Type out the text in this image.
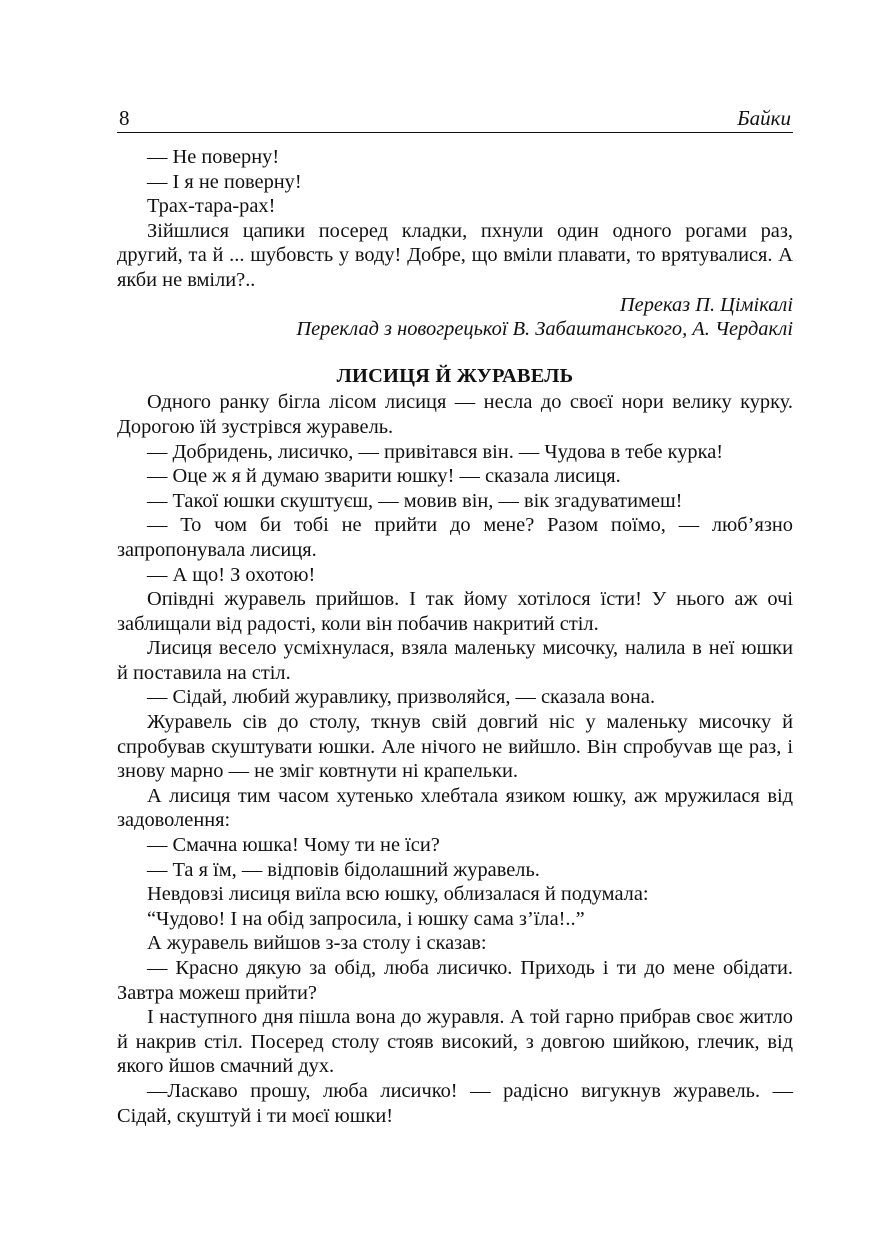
8	Байки

— Не поверну!

— І я не поверну!

Трах-тара-рах!

Зійшлися цапики посеред кладки, пхнули один одного рогами раз, другий, та й ... шубовсть у воду! Добре, що вміли плавати, то врятувалися. А якби не вміли?..

Переказ П. Цімікалі

Переклад з новогрецької В. Забаштанського, А. Чердаклі

ЛИСИЦЯ Й ЖУРАВЕЛЬ

Одного ранку бігла лісом лисиця — несла до своєї нори велику курку. Дорогою їй зустрівся журавель.

— Добридень, лисичко, — привітався він. — Чудова в тебе курка!

— Оце ж я й думаю зварити юшку! — сказала лисиця.

— Такої юшки скуштуєш, — мовив він, — вік згадуватимеш!

— То чом би тобі не прийти до мене? Разом поїмо, — люб’язно запропонувала лисиця.

— А що! З охотою!

Опівдні журавель прийшов. І так йому хотілося їсти! У нього аж очі заблищали від радості, коли він побачив накритий стіл.

Лисиця весело усміхнулася, взяла маленьку мисочку, налила в неї юшки й поставила на стіл.

— Сідай, любий журавлику, призволяйся, — сказала вона.

Журавель сів до столу, ткнув свій довгий ніс у маленьку мисочку й спробував скуштувати юшки. Але нічого не вийшло. Він спробуvав ще раз, і знову марно — не зміг ковтнути ні крапельки.

А лисиця тим часом хутенько хлебтала язиком юшку, аж мружилася від задоволення:

— Смачна юшка! Чому ти не їси?

— Та я їм, — відповів бідолашний журавель.

Невдовзі лисиця виїла всю юшку, облизалася й подумала:

“Чудово! І на обід запросила, і юшку сама з’їла!..”

А журавель вийшов з-за столу і сказав:

— Красно дякую за обід, люба лисичко. Приходь і ти до мене обідати. Завтра можеш прийти?

І наступного дня пішла вона до журавля. А той гарно прибрав своє житло й накрив стіл. Посеред столу стояв високий, з довгою шийкою, глечик, від якого йшов смачний дух.

—Ласкаво прошу, люба лисичко! — радісно вигукнув журавель. — Сідай, скуштуй і ти моєї юшки!
